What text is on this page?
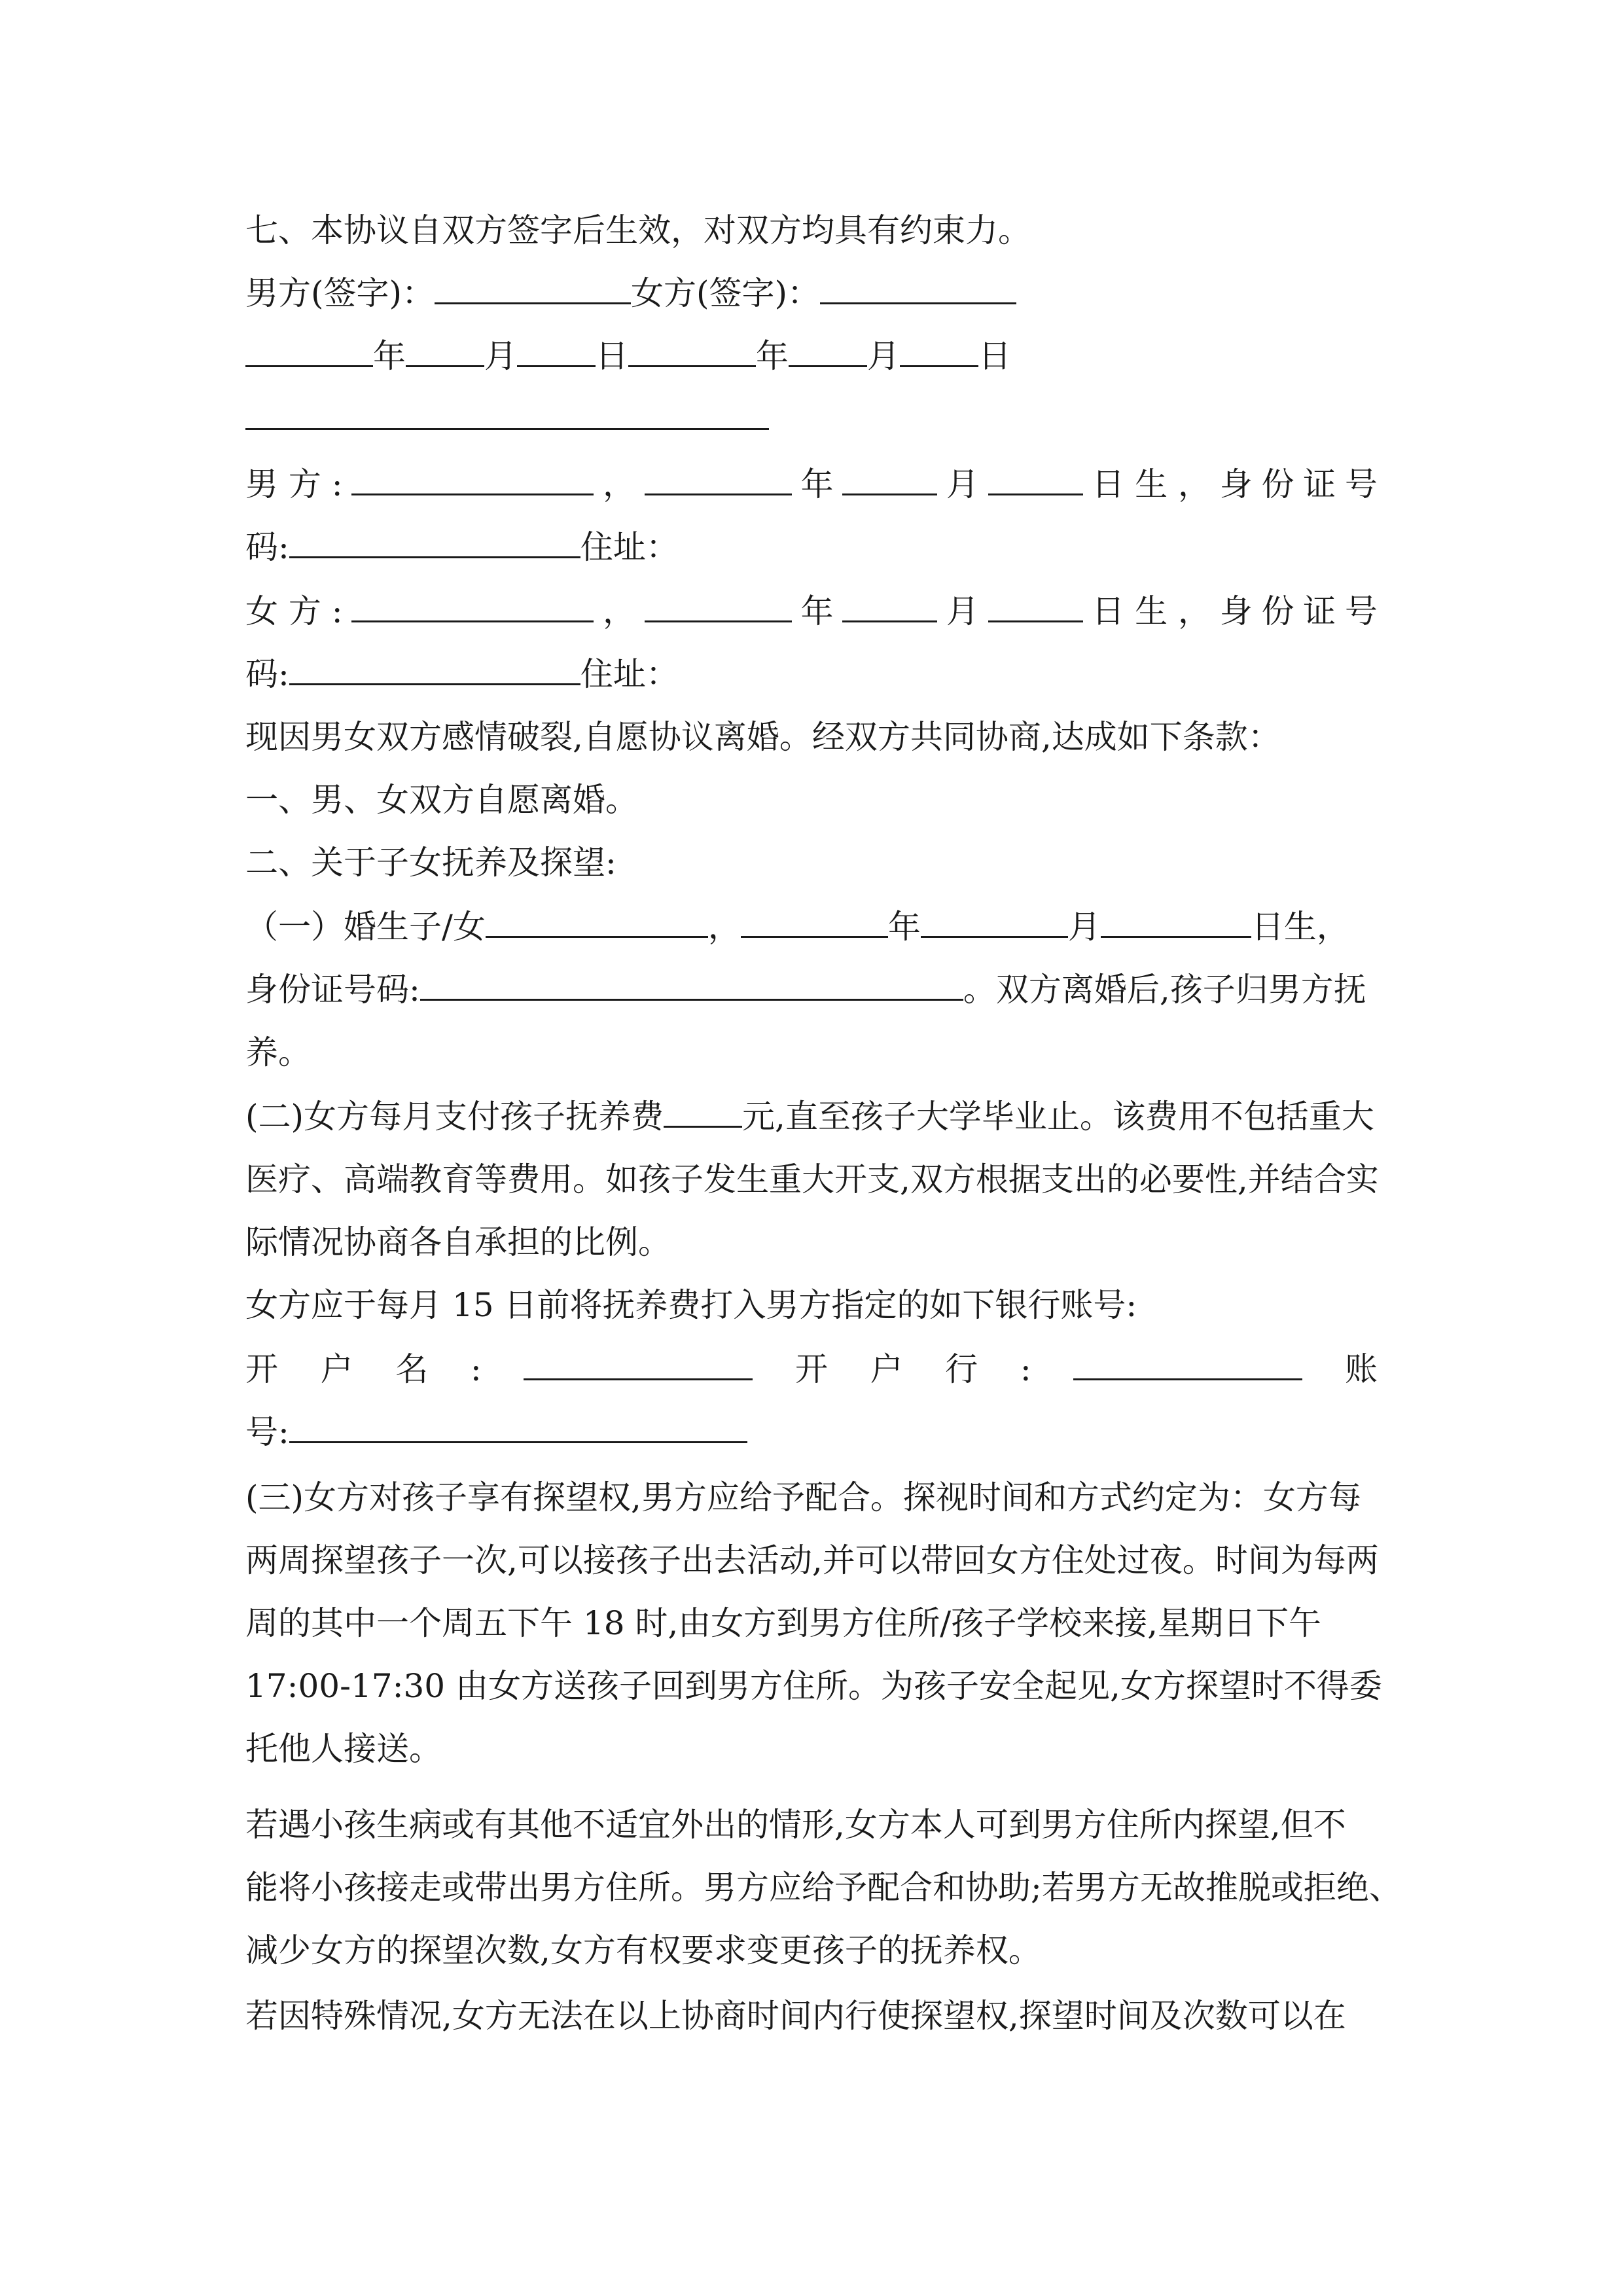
七、本协议自双方签字后生效，对双方均具有约束力。
男方(签字)：	女方(签字)：
年 月 日	年 月 日
男 方 :	，	年	月	日 生 ， 身 份 证 号
码:	住址：
女 方 :	，	年	月	日 生 ， 身 份 证 号
码:	住址：
现因男女双方感情破裂,自愿协议离婚。经双方共同协商,达成如下条款：
一、男、女双方自愿离婚。
二、关于子女抚养及探望:
（一）婚生子/女	，	年	月	日生，
身份证号码:	。双方离婚后,孩子归男方抚
养。
(二)女方每月支付孩子抚养费 元,直至孩子大学毕业止。该费用不包括重大
医疗、高端教育等费用。如孩子发生重大开支,双方根据支出的必要性,并结合实
际情况协商各自承担的比例。
女方应于每月 15 日前将抚养费打入男方指定的如下银行账号:
开 户 名 :	开 户 行 :	账
号:
(三)女方对孩子享有探望权,男方应给予配合。探视时间和方式约定为：女方每
两周探望孩子一次,可以接孩子出去活动,并可以带回女方住处过夜。时间为每两
周的其中一个周五下午 18 时,由女方到男方住所/孩子学校来接,星期日下午
17:00-17:30 由女方送孩子回到男方住所。为孩子安全起见,女方探望时不得委
托他人接送。
若遇小孩生病或有其他不适宜外出的情形,女方本人可到男方住所内探望,但不
能将小孩接走或带出男方住所。男方应给予配合和协助;若男方无故推脱或拒绝、
减少女方的探望次数,女方有权要求变更孩子的抚养权。
若因特殊情况,女方无法在以上协商时间内行使探望权,探望时间及次数可以在
